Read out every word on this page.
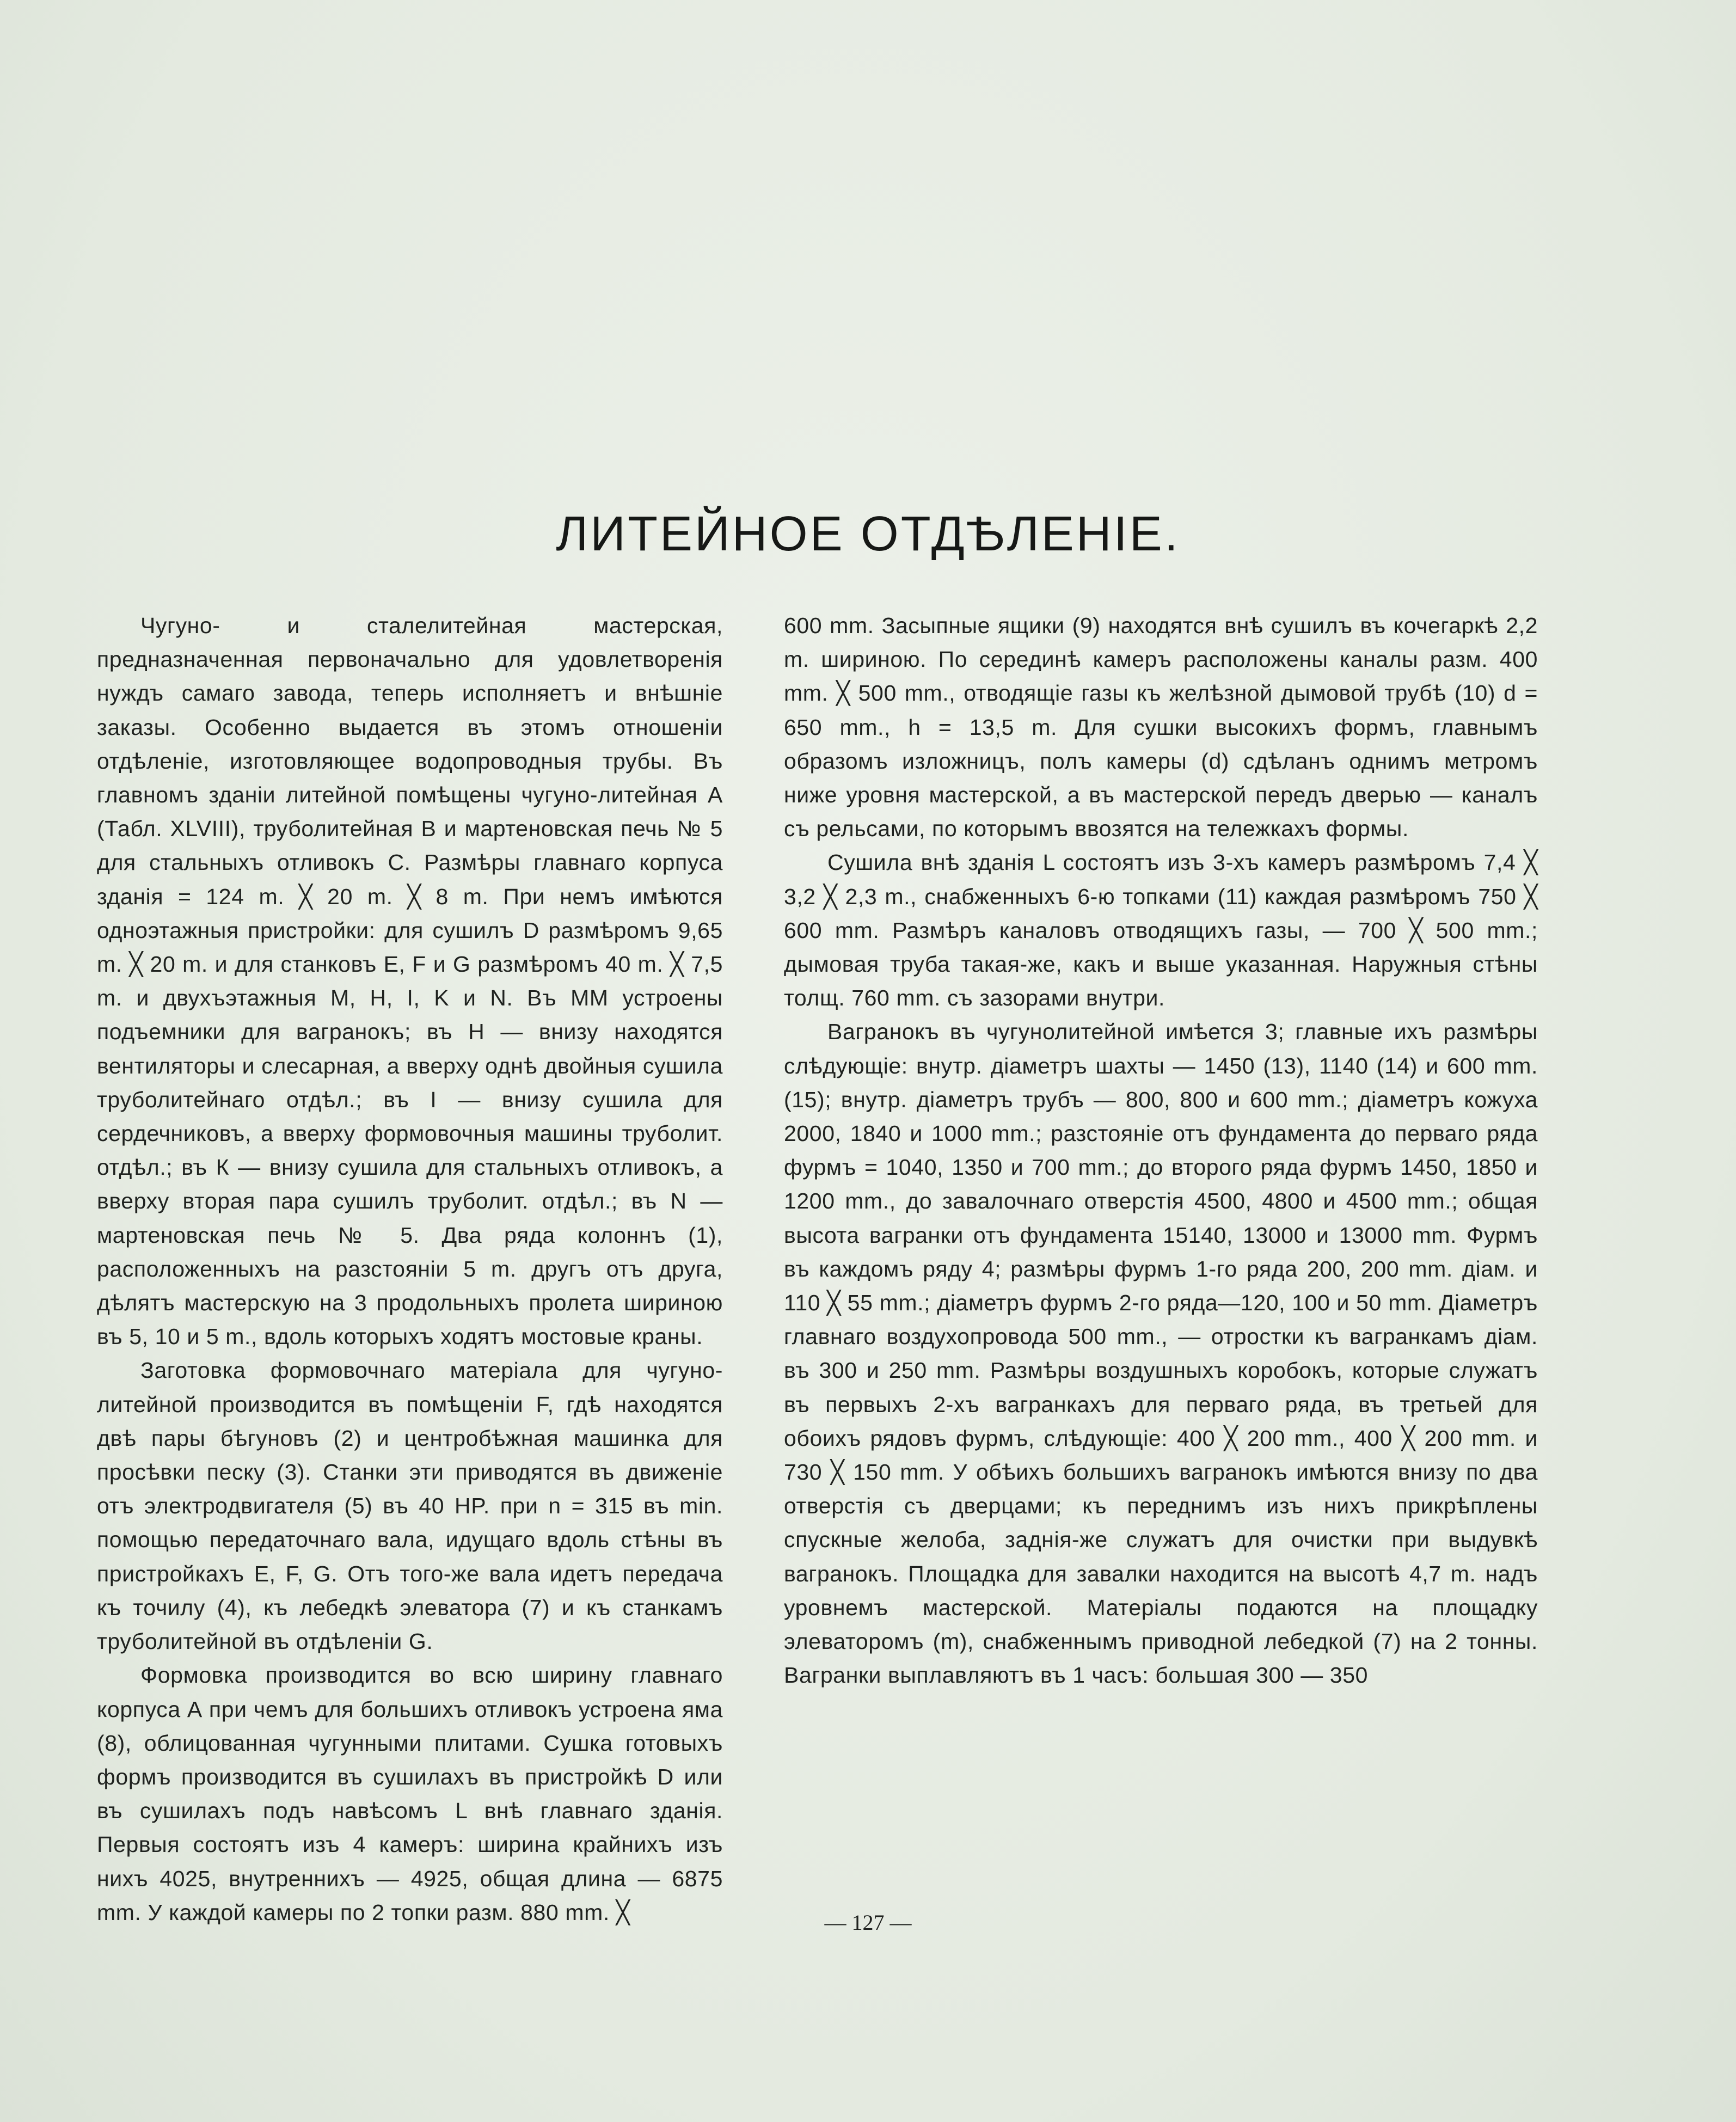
ЛИТЕЙНОЕ ОТДѢЛЕНІЕ.

Чугуно- и сталелитейная мастерская, предназначенная первоначально для удовлетворенія нуждъ самаго завода, теперь исполняетъ и внѣшніе заказы. Особенно выдается въ этомъ отношеніи отдѣленіе, изготовляющее водопроводныя трубы. Въ главномъ зданіи литейной помѣщены чугуно-литейная А (Табл. XLVIII), труболитейная В и мартеновская печь № 5 для стальныхъ отливокъ С. Размѣры главнаго корпуса зданія = 124 m. ╳ 20 m. ╳ 8 m. При немъ имѣются одноэтажныя пристройки: для сушилъ D размѣромъ 9,65 m. ╳ 20 m. и для станковъ E, F и G размѣромъ 40 m. ╳ 7,5 m. и двухъэтажныя M, H, I, K и N. Въ ММ устроены подъемники для вагранокъ; въ Н — внизу находятся вентиляторы и слесарная, а вверху однѣ двойныя сушила труболитейнаго отдѣл.; въ І — внизу сушила для сердечниковъ, а вверху формовочныя машины труболит. отдѣл.; въ К — внизу сушила для стальныхъ отливокъ, а вверху вторая пара сушилъ труболит. отдѣл.; въ N — мартеновская печь № 5. Два ряда колоннъ (1), расположенныхъ на разстояніи 5 m. другъ отъ друга, дѣлятъ мастерскую на 3 продольныхъ пролета шириною въ 5, 10 и 5 m., вдоль которыхъ ходятъ мостовые краны.

Заготовка формовочнаго матеріала для чугуно-литейной производится въ помѣщеніи F, гдѣ находятся двѣ пары бѣгуновъ (2) и центробѣжная машинка для просѣвки песку (3). Станки эти приводятся въ движеніе отъ электродвигателя (5) въ 40 HP. при n = 315 въ min. помощью передаточнаго вала, идущаго вдоль стѣны въ пристройкахъ E, F, G. Отъ того-же вала идетъ передача къ точилу (4), къ лебедкѣ элеватора (7) и къ станкамъ труболитейной въ отдѣленіи G.

Формовка производится во всю ширину главнаго корпуса А при чемъ для большихъ отливокъ устроена яма (8), облицованная чугунными плитами. Сушка готовыхъ формъ производится въ сушилахъ въ пристройкѣ D или въ сушилахъ подъ навѣсомъ L внѣ главнаго зданія. Первыя состоятъ изъ 4 камеръ: ширина крайнихъ изъ нихъ 4025, внутреннихъ — 4925, общая длина — 6875 mm. У каждой камеры по 2 топки разм. 880 mm. ╳

600 mm. Засыпные ящики (9) находятся внѣ сушилъ въ кочегаркѣ 2,2 m. шириною. По серединѣ камеръ расположены каналы разм. 400 mm. ╳ 500 mm., отводящіе газы къ желѣзной дымовой трубѣ (10) d = 650 mm., h = 13,5 m. Для сушки высокихъ формъ, главнымъ образомъ изложницъ, полъ камеры (d) сдѣланъ однимъ метромъ ниже уровня мастерской, а въ мастерской передъ дверью — каналъ съ рельсами, по которымъ ввозятся на тележкахъ формы.

Сушила внѣ зданія L состоятъ изъ 3-хъ камеръ размѣромъ 7,4 ╳ 3,2 ╳ 2,3 m., снабженныхъ 6-ю топками (11) каждая размѣромъ 750 ╳ 600 mm. Размѣръ каналовъ отводящихъ газы, — 700 ╳ 500 mm.; дымовая труба такая-же, какъ и выше указанная. Наружныя стѣны толщ. 760 mm. съ зазорами внутри.

Вагранокъ въ чугунолитейной имѣется 3; главные ихъ размѣры слѣдующіе: внутр. діаметръ шахты — 1450 (13), 1140 (14) и 600 mm. (15); внутр. діаметръ трубъ — 800, 800 и 600 mm.; діаметръ кожуха 2000, 1840 и 1000 mm.; разстояніе отъ фундамента до перваго ряда фурмъ = 1040, 1350 и 700 mm.; до второго ряда фурмъ 1450, 1850 и 1200 mm., до завалочнаго отверстія 4500, 4800 и 4500 mm.; общая высота вагранки отъ фундамента 15140, 13000 и 13000 mm. Фурмъ въ каждомъ ряду 4; размѣры фурмъ 1-го ряда 200, 200 mm. діам. и 110 ╳ 55 mm.; діаметръ фурмъ 2-го ряда—120, 100 и 50 mm. Діаметръ главнаго воздухопровода 500 mm., — отростки къ вагранкамъ діам. въ 300 и 250 mm. Размѣры воздушныхъ коробокъ, которые служатъ въ первыхъ 2-хъ вагранкахъ для перваго ряда, въ третьей для обоихъ рядовъ фурмъ, слѣдующіе: 400 ╳ 200 mm., 400 ╳ 200 mm. и 730 ╳ 150 mm. У обѣихъ большихъ вагранокъ имѣются внизу по два отверстія съ дверцами; къ переднимъ изъ нихъ прикрѣплены спускные желоба, заднія-же служатъ для очистки при выдувкѣ вагранокъ. Площадка для завалки находится на высотѣ 4,7 m. надъ уровнемъ мастерской. Матеріалы подаются на площадку элеваторомъ (m), снабженнымъ приводной лебедкой (7) на 2 тонны. Вагранки выплавляютъ въ 1 часъ: большая 300 — 350

— 127 —
